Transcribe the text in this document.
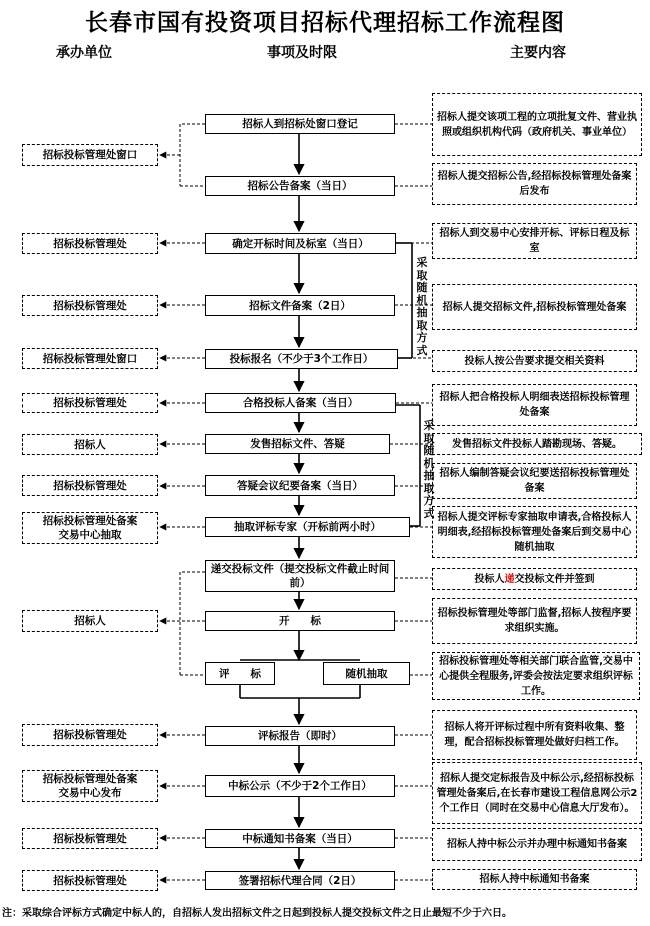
长春市国有投资项目招标代理招标工作流程图
承办单位	事项及时限	主要内容
招标人到招标处窗口登记
招标公告备案（当日）
确定开标时间及标室（当日）
招标文件备案（2日）
投标报名（不少于3个工作日）
合格投标人备案（当日）
发售招标文件、答疑
答疑会议纪要备案（当日）
抽取评标专家（开标前两小时）
递交投标文件（提交投标文件截止时间前）
开　　标
评　　标	随机抽取
评标报告（即时）
中标公示（不少于2个工作日）
中标通知书备案（当日）
签署招标代理合同（2日）
招标投标管理处窗口
招标投标管理处
招标投标管理处
招标投标管理处窗口
招标投标管理处
招标人
招标投标管理处
招标投标管理处备案
交易中心抽取
招标人
招标投标管理处
招标投标管理处备案
交易中心发布
招标投标管理处
招标投标管理处
招标人提交该项工程的立项批复文件、营业执照或组织机构代码（政府机关、事业单位）
招标人提交招标公告,经招标投标管理处备案后发布
招标人到交易中心安排开标、评标日程及标室
招标人提交招标文件,招标投标管理处备案
投标人按公告要求提交相关资料
招标人把合格投标人明细表送招标投标管理处备案
发售招标文件投标人踏勘现场、答疑。
招标人编制答疑会议纪要送招标投标管理处备案
招标人提交评标专家抽取申请表,合格投标人明细表,经招标投标管理处备案后到交易中心随机抽取
投标人 递 交投标文件并签到
招标投标管理处等部门监督,招标人按程序要求组织实施。
招标投标管理处等相关部门联合监管,交易中心提供全程服务,评委会按法定要求组织评标工作。
招标人将开评标过程中所有资料收集、整理，配合招标投标管理处做好归档工作。
招标人提交定标报告及中标公示,经招标投标管理处备案后,在长春市建设工程信息网公示2个工作日（同时在交易中心信息大厅发布）。
招标人持中标公示并办理中标通知书备案
招标人持中标通知书备案
采取随机抽取方式
采取随机抽取方式
注：采取综合评标方式确定中标人的，自招标人发出招标文件之日起到投标人提交投标文件之日止最短不少于六日。
